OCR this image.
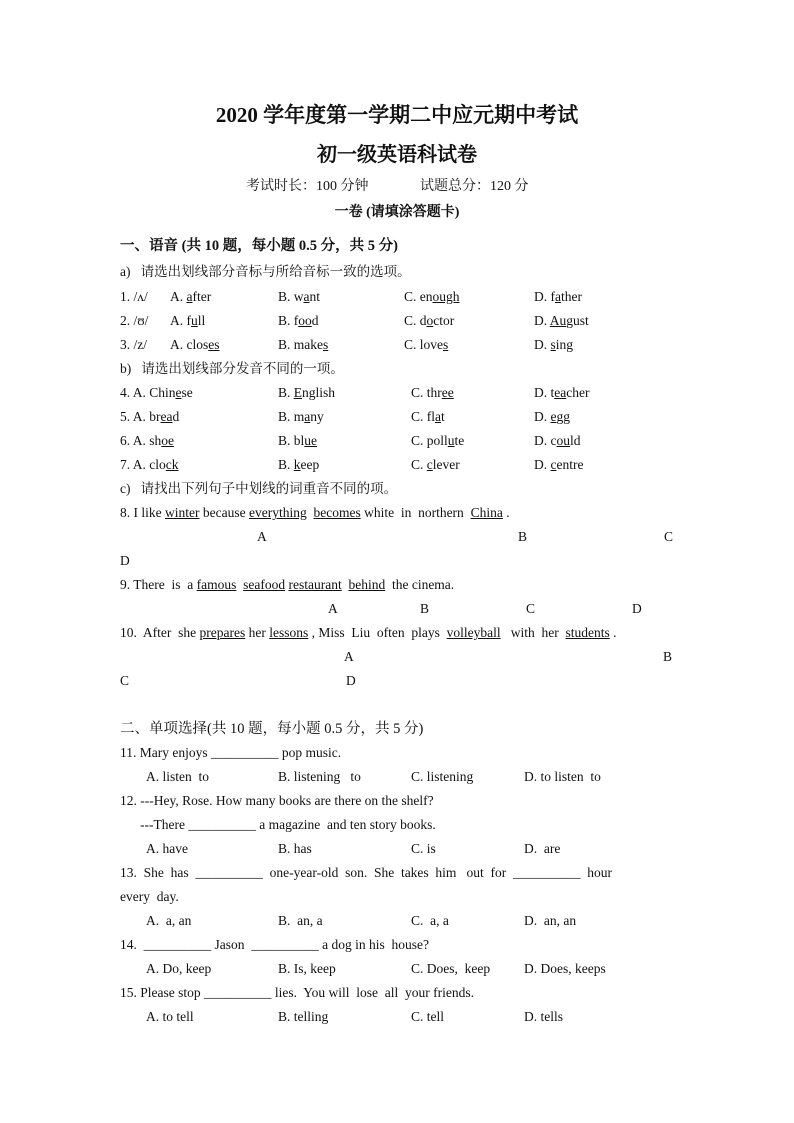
2020 学年度第一学期二中应元期中考试
初一级英语科试卷
考试时长：100 分钟	试题总分：120 分
一卷 (请填涂答题卡)
一、语音 (共 10 题，每小题 0.5 分，共 5 分)
a)   请选出划线部分音标与所给音标一致的选项。
1. /ʌ/ A. after	B. want	C. enough	D. father
2. /ʊ/ A. full	B. food	C. doctor	D. August
3. /z/ A. closes	B. makes	C. loves	D. sing
b)   请选出划线部分发音不同的一项。
4. A. Chinese	B. English	C. three	D. teacher
5. A. bread	B. many	C. flat	D. egg
6. A. shoe	B. blue	C. pollute	D. could
7. A. clock	B. keep	C. clever	D. centre
c)   请找出下列句子中划线的词重音不同的项。
8. I like winter because everything becomes white  in  northern  China .
A	B	C
D
9. There  is  a famous seafood restaurant behind  the cinema.
A	B	C	D
10.  After  she prepares her lessons , Miss  Liu  often  plays  volleyball   with  her  students .
A	B
C	D
二、单项选择(共 10 题，每小题 0.5 分，共 5 分)
11. Mary enjoys __________ pop music.
A. listen  to	B. listening   to	C. listening	D. to listen  to
12. ---Hey, Rose. How many books are there on the shelf?
---There __________ a magazine  and ten story books.
A. have	B. has	C. is	D.  are
13.  She  has  __________  one-year-old  son.  She  takes  him   out  for  __________  hour
every  day.
A.  a, an	B.  an, a	C.  a, a	D.  an, an
14.  __________ Jason  __________ a dog in his  house?
A. Do, keep	B. Is, keep	C. Does,  keep	D. Does, keeps
15. Please stop __________ lies.  You will  lose  all  your friends.
A. to tell	B. telling	C. tell	D. tells
